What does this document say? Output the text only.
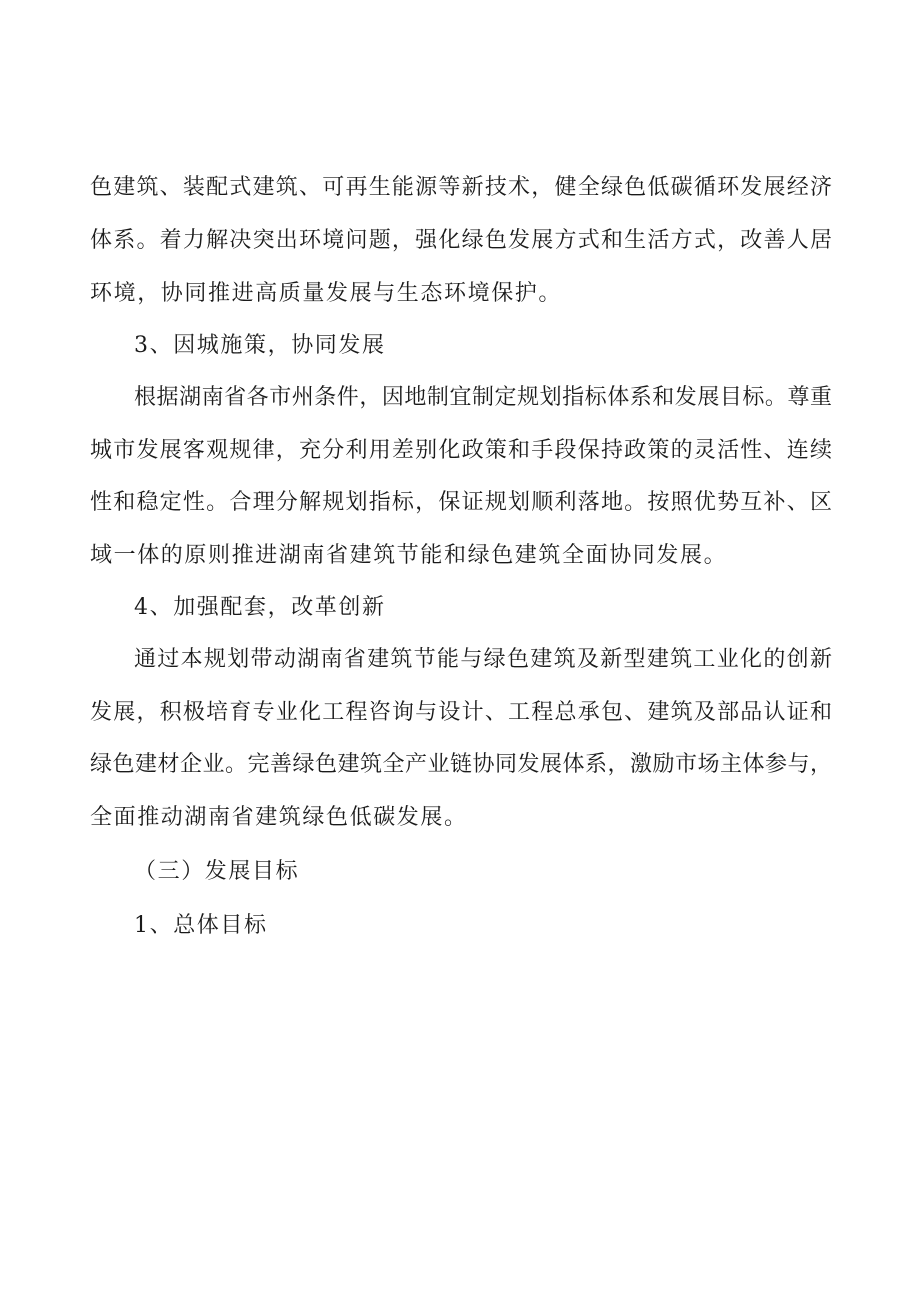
色建筑、装配式建筑、可再生能源等新技术，健全绿色低碳循环发展经济
体系。着力解决突出环境问题，强化绿色发展方式和生活方式，改善人居
环境，协同推进高质量发展与生态环境保护。
3、因城施策，协同发展
根据湖南省各市州条件，因地制宜制定规划指标体系和发展目标。尊重
城市发展客观规律，充分利用差别化政策和手段保持政策的灵活性、连续
性和稳定性。合理分解规划指标，保证规划顺利落地。按照优势互补、区
域一体的原则推进湖南省建筑节能和绿色建筑全面协同发展。
4、加强配套，改革创新
通过本规划带动湖南省建筑节能与绿色建筑及新型建筑工业化的创新
发展，积极培育专业化工程咨询与设计、工程总承包、建筑及部品认证和
绿色建材企业。完善绿色建筑全产业链协同发展体系，激励市场主体参与，
全面推动湖南省建筑绿色低碳发展。
（三）发展目标
1、总体目标
